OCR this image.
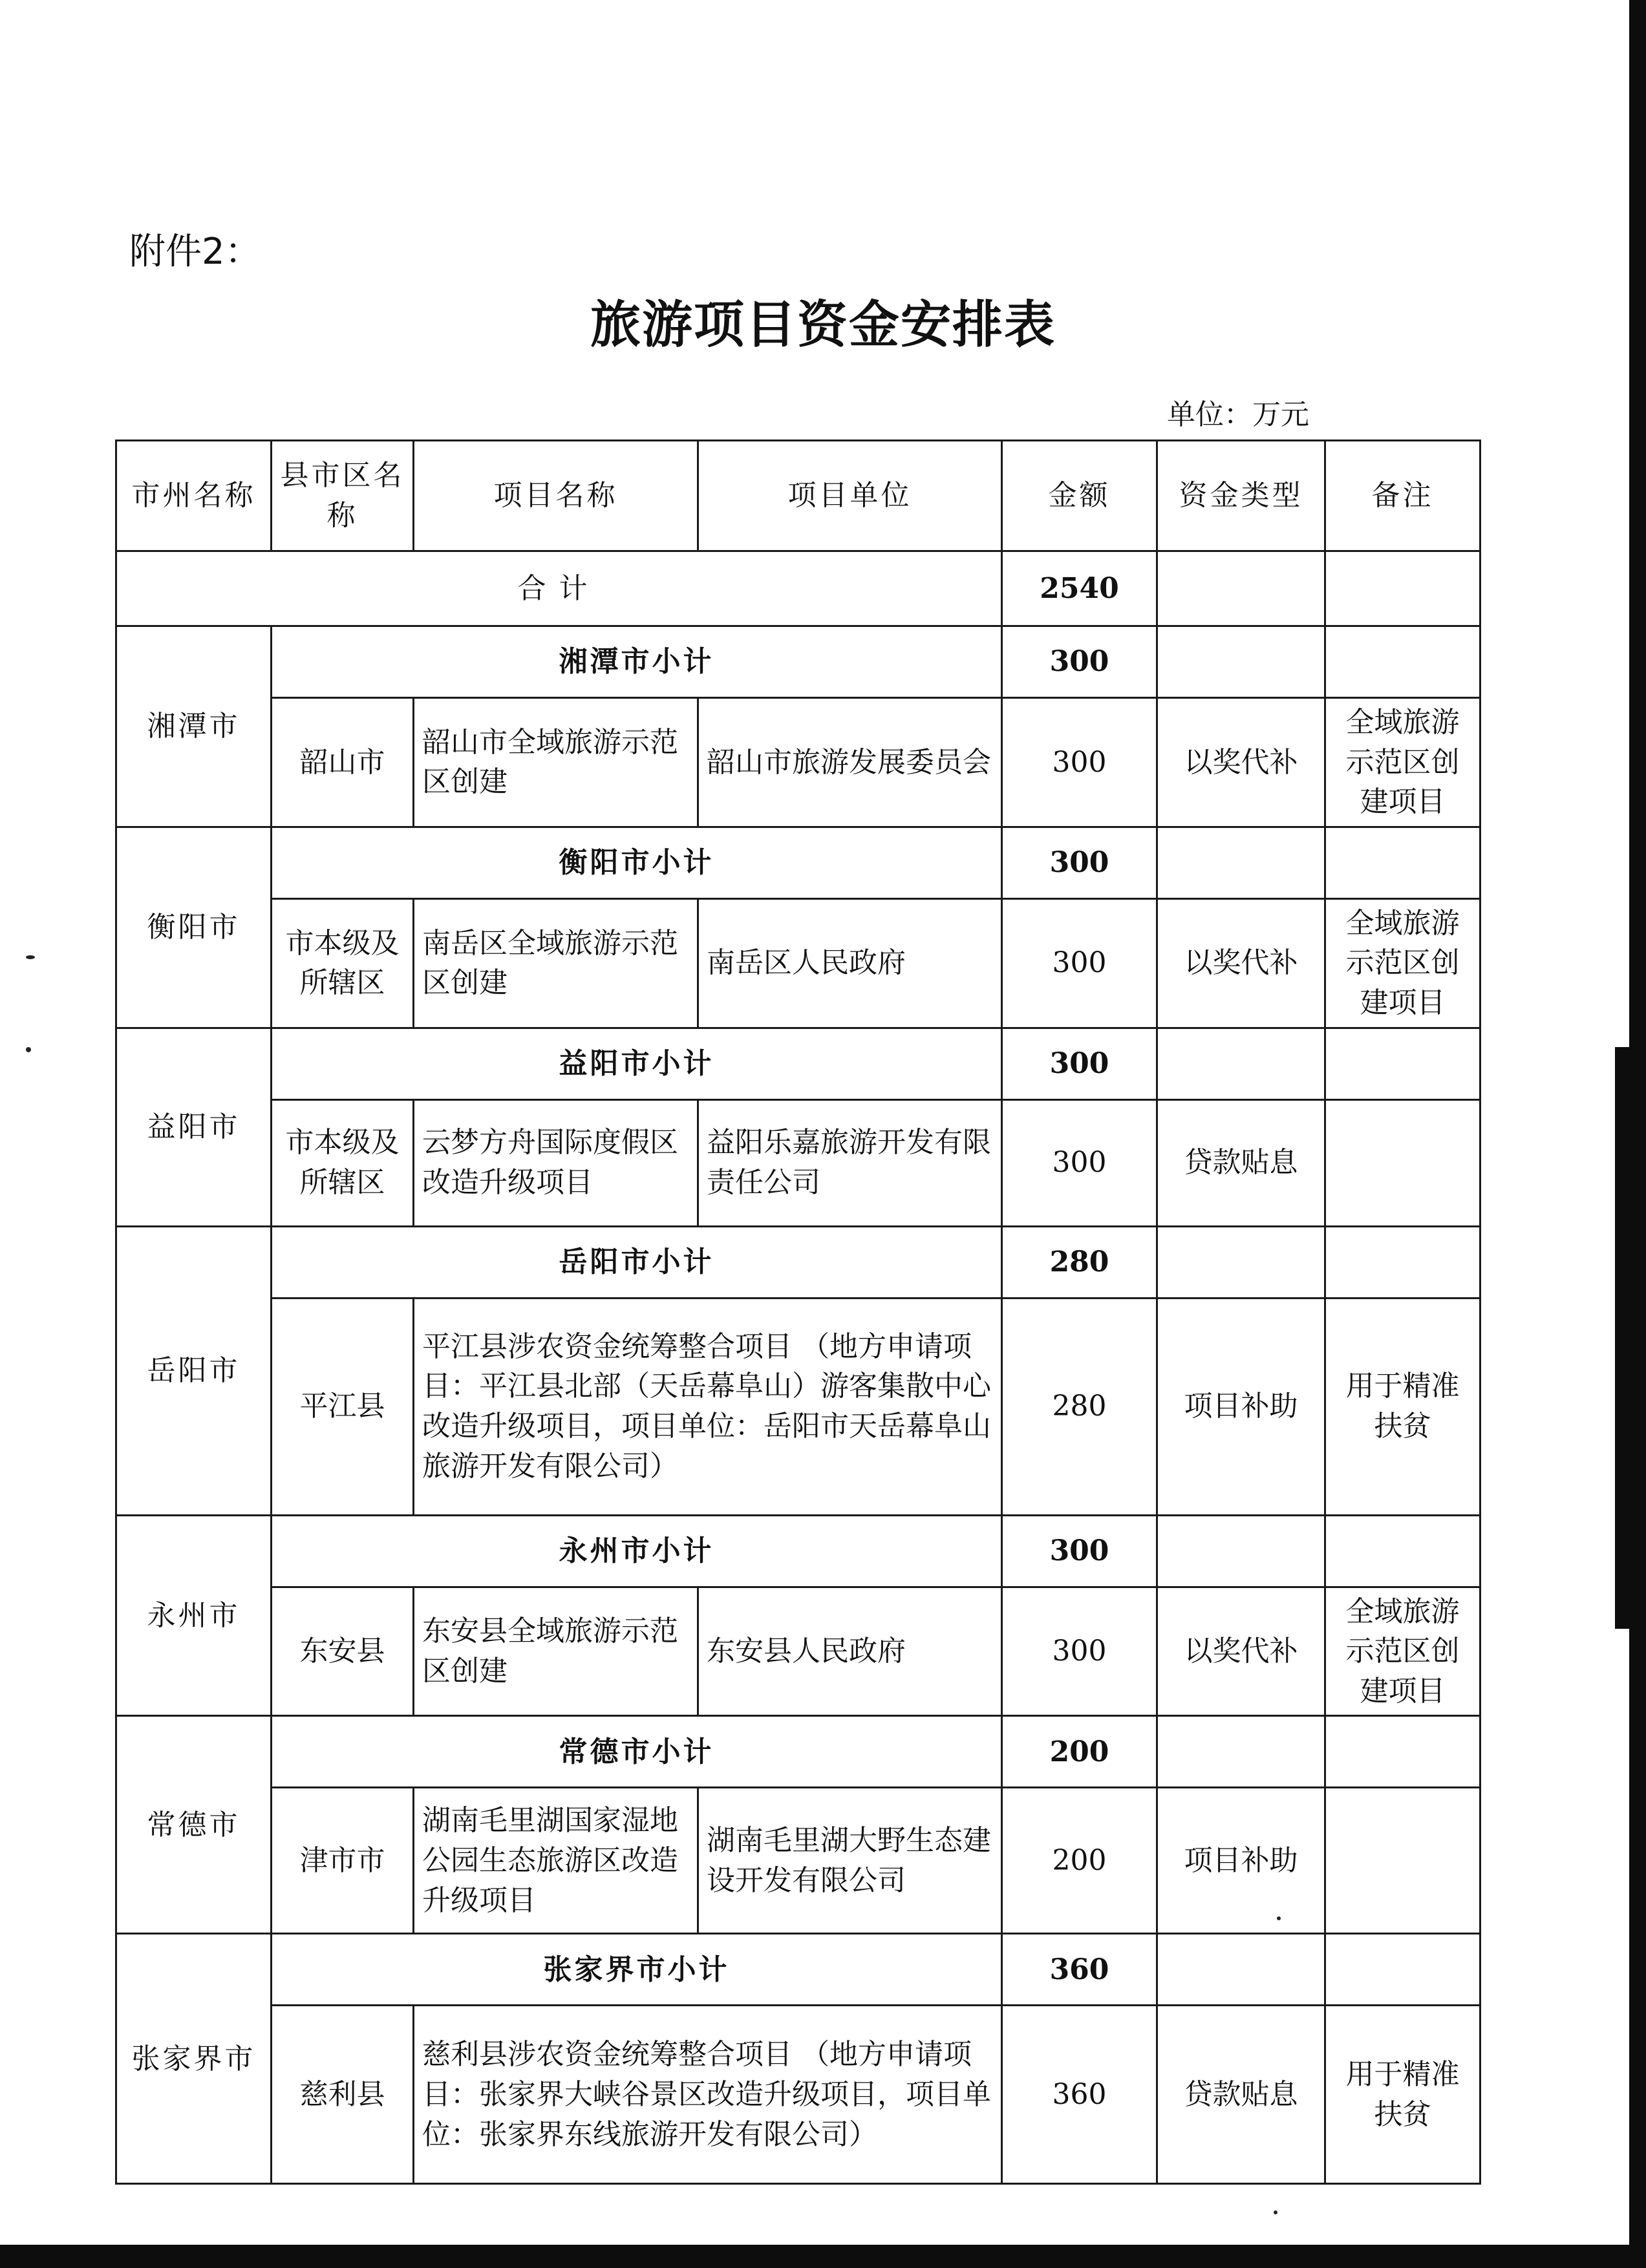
附件2：
旅游项目资金安排表
单位：万元
市州名称	县市区名称	项目名称	项目单位	金额	资金类型	备注
合计				2540		
湘潭市	湘潭市小计			300		
	韶山市	韶山市全域旅游示范区创建	韶山市旅游发展委员会	300	以奖代补	全域旅游示范区创建项目
衡阳市	衡阳市小计			300		
	市本级及所辖区	南岳区全域旅游示范区创建	南岳区人民政府	300	以奖代补	全域旅游示范区创建项目
益阳市	益阳市小计			300		
	市本级及所辖区	云梦方舟国际度假区改造升级项目	益阳乐嘉旅游开发有限责任公司	300	贷款贴息	
岳阳市	岳阳市小计			280		
	平江县	平江县涉农资金统筹整合项目 （地方申请项目：平江县北部（天岳幕阜山）游客集散中心改造升级项目，项目单位：岳阳市天岳幕阜山旅游开发有限公司）		280	项目补助	用于精准扶贫
永州市	永州市小计			300		
	东安县	东安县全域旅游示范区创建	东安县人民政府	300	以奖代补	全域旅游示范区创建项目
常德市	常德市小计			200		
	津市市	湖南毛里湖国家湿地公园生态旅游区改造升级项目	湖南毛里湖大野生态建设开发有限公司	200	项目补助	
张家界市	张家界市小计			360		
	慈利县	慈利县涉农资金统筹整合项目 （地方申请项目：张家界大峡谷景区改造升级项目，项目单位：张家界东线旅游开发有限公司）		360	贷款贴息	用于精准扶贫
